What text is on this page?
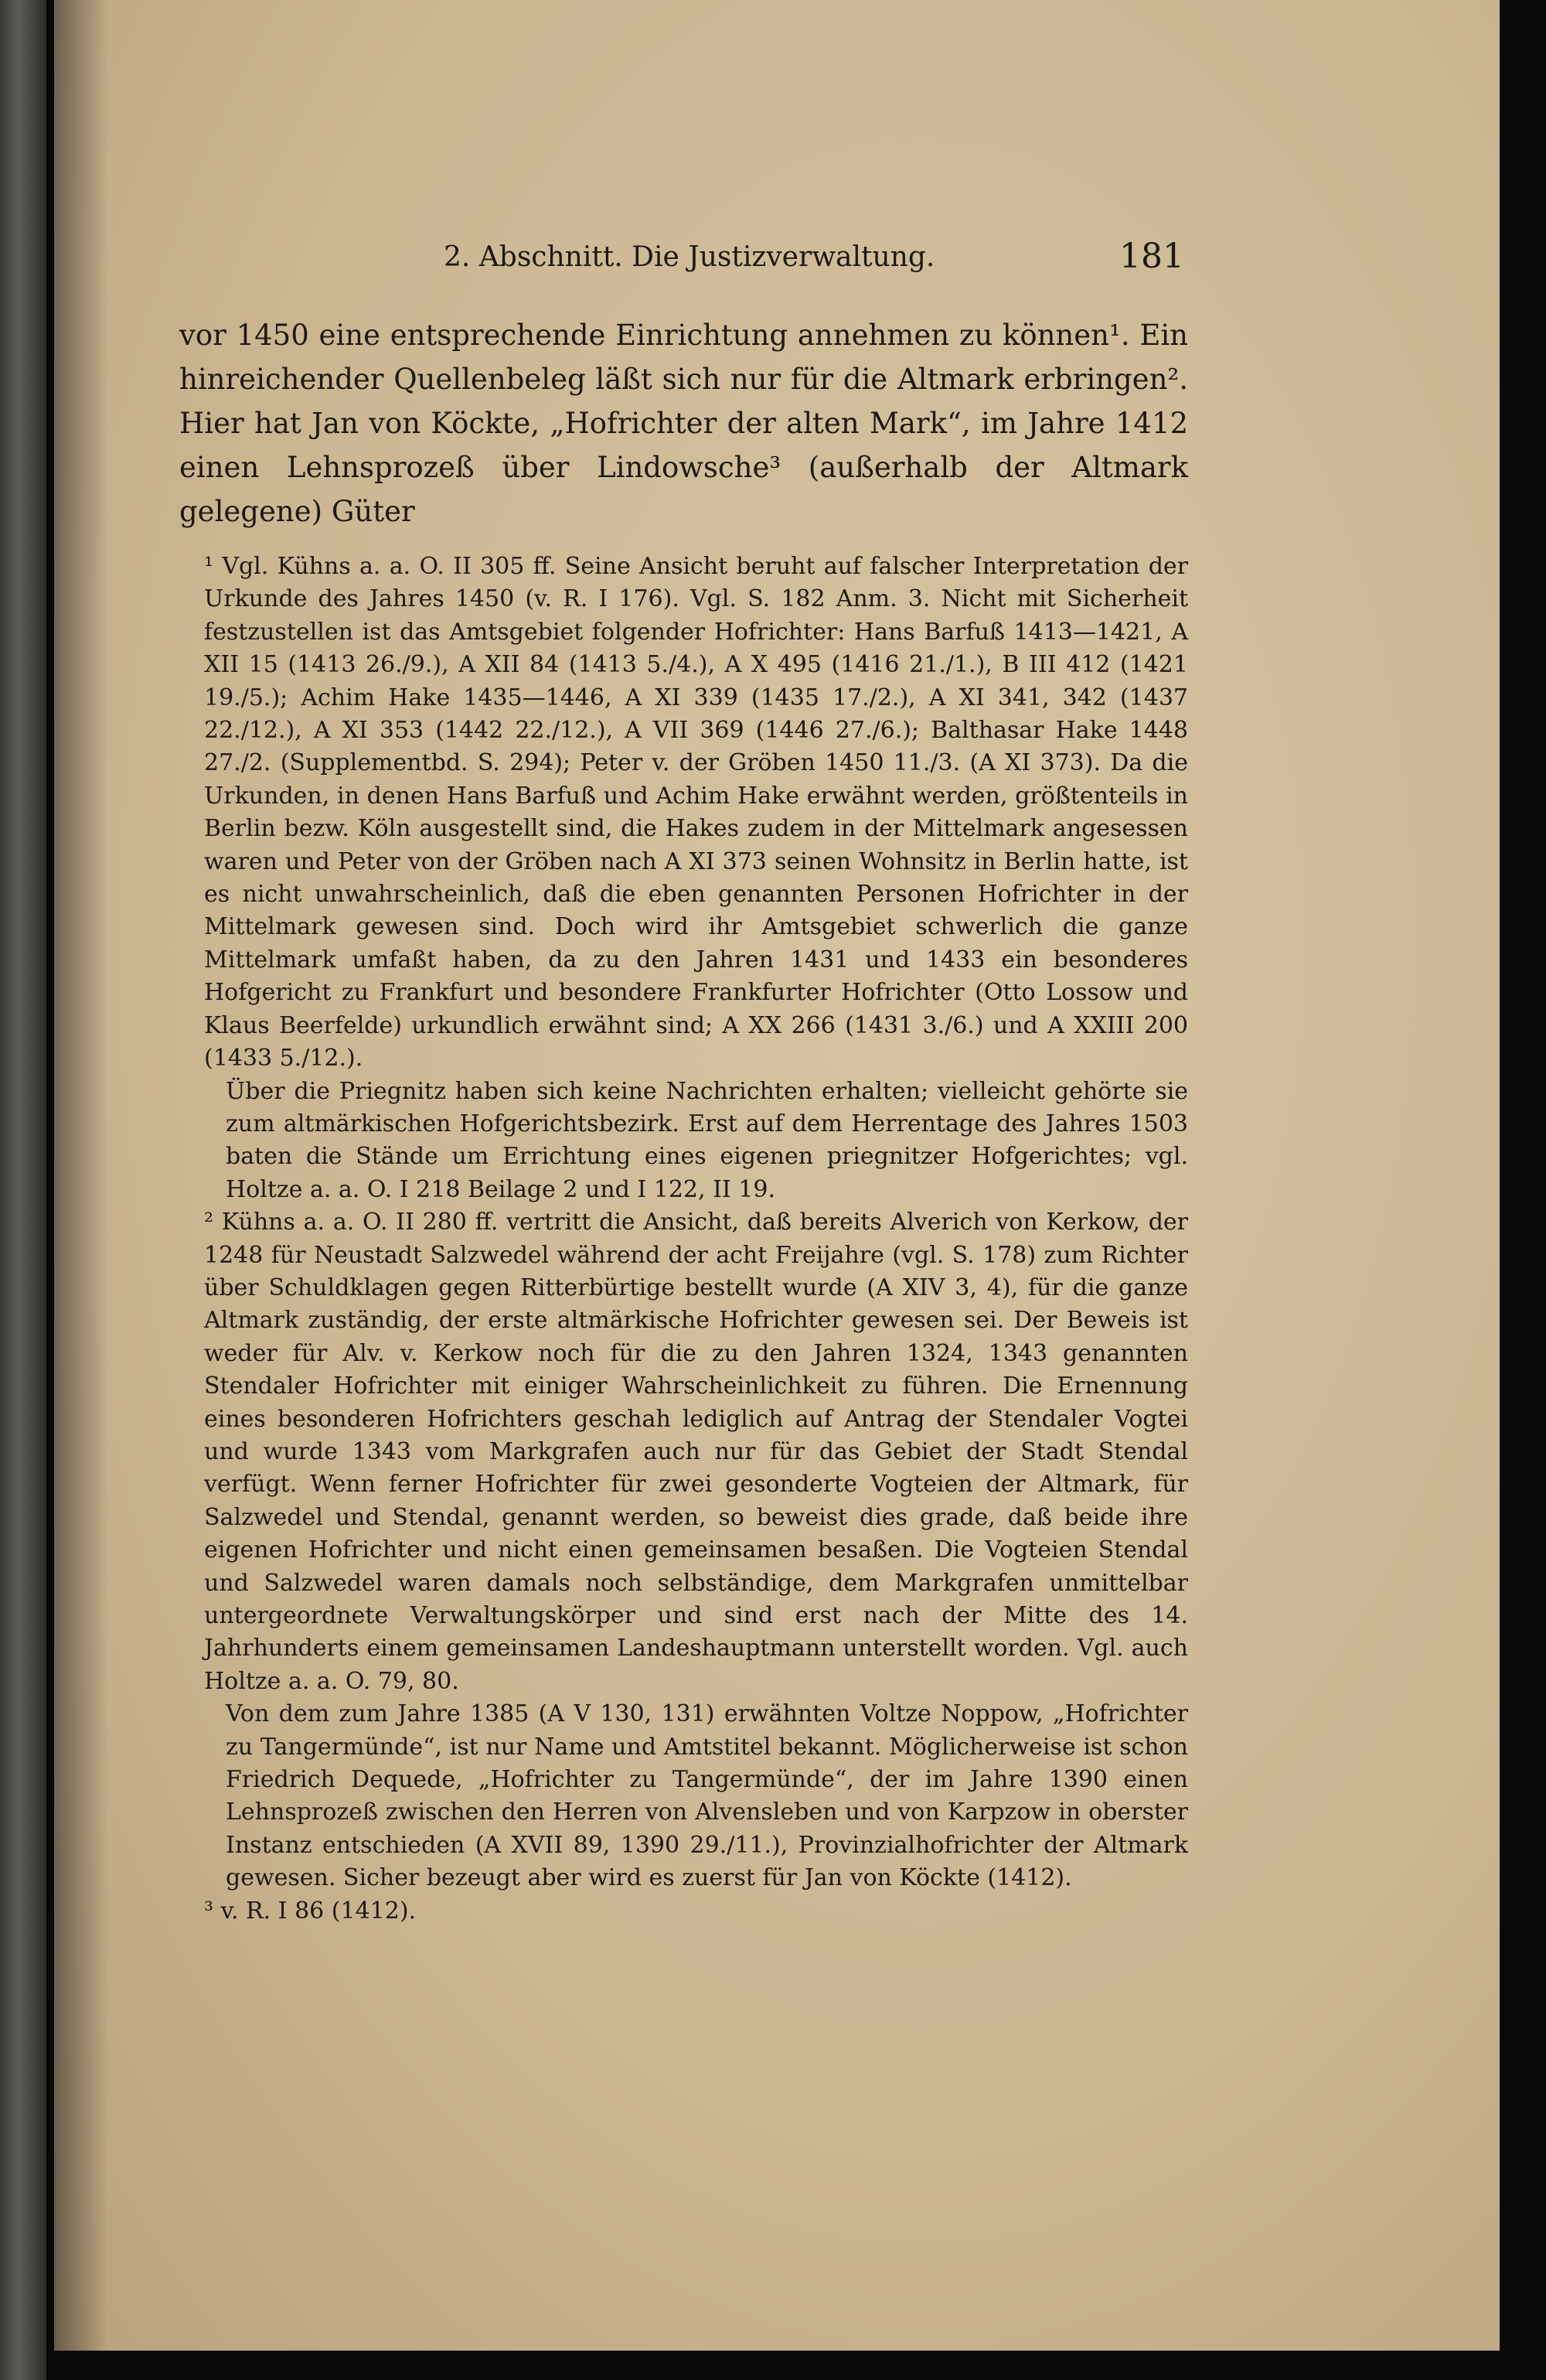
2. Abschnitt. Die Justizverwaltung.	181

vor 1450 eine entsprechende Einrichtung annehmen zu können¹. Ein hinreichender Quellenbeleg läßt sich nur für die Altmark erbringen². Hier hat Jan von Köckte, „Hofrichter der alten Mark“, im Jahre 1412 einen Lehnsprozeß über Lindowsche³ (außerhalb der Altmark gelegene) Güter

¹ Vgl. Kühns a. a. O. II 305 ff. Seine Ansicht beruht auf falscher Interpretation der Urkunde des Jahres 1450 (v. R. I 176). Vgl. S. 182 Anm. 3. Nicht mit Sicherheit festzustellen ist das Amtsgebiet folgender Hofrichter: Hans Barfuß 1413—1421, A XII 15 (1413 26./9.), A XII 84 (1413 5./4.), A X 495 (1416 21./1.), B III 412 (1421 19./5.); Achim Hake 1435—1446, A XI 339 (1435 17./2.), A XI 341, 342 (1437 22./12.), A XI 353 (1442 22./12.), A VII 369 (1446 27./6.); Balthasar Hake 1448 27./2. (Supplementbd. S. 294); Peter v. der Gröben 1450 11./3. (A XI 373). Da die Urkunden, in denen Hans Barfuß und Achim Hake erwähnt werden, größtenteils in Berlin bezw. Köln ausgestellt sind, die Hakes zudem in der Mittelmark angesessen waren und Peter von der Gröben nach A XI 373 seinen Wohnsitz in Berlin hatte, ist es nicht unwahrscheinlich, daß die eben genannten Personen Hofrichter in der Mittelmark gewesen sind. Doch wird ihr Amtsgebiet schwerlich die ganze Mittelmark umfaßt haben, da zu den Jahren 1431 und 1433 ein besonderes Hofgericht zu Frankfurt und besondere Frankfurter Hofrichter (Otto Lossow und Klaus Beerfelde) urkundlich erwähnt sind; A XX 266 (1431 3./6.) und A XXIII 200 (1433 5./12.).

Über die Priegnitz haben sich keine Nachrichten erhalten; vielleicht gehörte sie zum altmärkischen Hofgerichtsbezirk. Erst auf dem Herrentage des Jahres 1503 baten die Stände um Errichtung eines eigenen priegnitzer Hofgerichtes; vgl. Holtze a. a. O. I 218 Beilage 2 und I 122, II 19.

² Kühns a. a. O. II 280 ff. vertritt die Ansicht, daß bereits Alverich von Kerkow, der 1248 für Neustadt Salzwedel während der acht Freijahre (vgl. S. 178) zum Richter über Schuldklagen gegen Ritterbürtige bestellt wurde (A XIV 3, 4), für die ganze Altmark zuständig, der erste altmärkische Hofrichter gewesen sei. Der Beweis ist weder für Alv. v. Kerkow noch für die zu den Jahren 1324, 1343 genannten Stendaler Hofrichter mit einiger Wahrscheinlichkeit zu führen. Die Ernennung eines besonderen Hofrichters geschah lediglich auf Antrag der Stendaler Vogtei und wurde 1343 vom Markgrafen auch nur für das Gebiet der Stadt Stendal verfügt. Wenn ferner Hofrichter für zwei gesonderte Vogteien der Altmark, für Salzwedel und Stendal, genannt werden, so beweist dies grade, daß beide ihre eigenen Hofrichter und nicht einen gemeinsamen besaßen. Die Vogteien Stendal und Salzwedel waren damals noch selbständige, dem Markgrafen unmittelbar untergeordnete Verwaltungskörper und sind erst nach der Mitte des 14. Jahrhunderts einem gemeinsamen Landeshauptmann unterstellt worden. Vgl. auch Holtze a. a. O. 79, 80.

Von dem zum Jahre 1385 (A V 130, 131) erwähnten Voltze Noppow, „Hofrichter zu Tangermünde“, ist nur Name und Amtstitel bekannt. Möglicherweise ist schon Friedrich Dequede, „Hofrichter zu Tangermünde“, der im Jahre 1390 einen Lehnsprozeß zwischen den Herren von Alvensleben und von Karpzow in oberster Instanz entschieden (A XVII 89, 1390 29./11.), Provinzialhofrichter der Altmark gewesen. Sicher bezeugt aber wird es zuerst für Jan von Köckte (1412).

³ v. R. I 86 (1412).
